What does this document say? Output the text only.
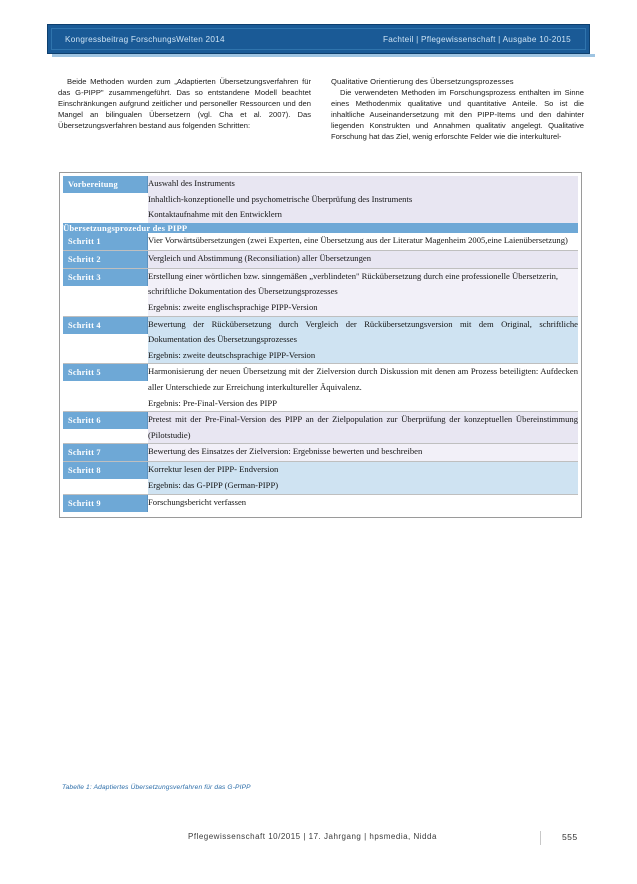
Kongressbeitrag ForschungsWelten 2014	Fachteil | Pflegewissenschaft | Ausgabe 10-2015

Beide Methoden wurden zum „Adaptierten Übersetzungsverfahren für das G-PIPP" zusammengeführt. Das so entstandene Modell beachtet Einschränkungen aufgrund zeitlicher und personeller Ressourcen und den Mangel an bilingualen Übersetzern (vgl. Cha et al. 2007). Das Übersetzungsverfahren bestand aus folgenden Schritten:

Qualitative Orientierung des Übersetzungsprozesses

Die verwendeten Methoden im Forschungsprozess enthalten im Sinne eines Methodenmix qualitative und quantitative Anteile. So ist die inhaltliche Auseinandersetzung mit den PIPP-Items und den dahinter liegenden Konstrukten und Annahmen qualitativ angelegt. Qualitative Forschung hat das Ziel, wenig erforschte Felder wie die interkulturel-

Vorbereitung	Auswahl des Instruments
Inhaltlich-konzeptionelle und psychometrische Überprüfung des Instruments
Kontaktaufnahme mit den Entwicklern

Übersetzungsprozedur des PIPP	

Schritt 1	Vier Vorwärtsübersetzungen (zwei Experten, eine Übersetzung aus der Literatur Magenheim 2005,eine Laienübersetzung)

Schritt 2	Vergleich und Abstimmung (Reconsiliation) aller Übersetzungen

Schritt 3	Erstellung einer wörtlichen bzw. sinngemäßen „verblindeten" Rückübersetzung durch eine professionelle Übersetzerin,
schriftliche Dokumentation des Übersetzungsprozesses
Ergebnis: zweite englischsprachige PIPP-Version

Schritt 4	Bewertung der Rückübersetzung durch Vergleich der Rückübersetzungsversion mit dem Original, schriftliche Dokumentation des Übersetzungsprozesses
Ergebnis: zweite deutschsprachige PIPP-Version

Schritt 5	Harmonisierung der neuen Übersetzung mit der Zielversion durch Diskussion mit denen am Prozess beteiligten: Aufdecken aller Unterschiede zur Erreichung interkultureller Äquivalenz.
Ergebnis: Pre-Final-Version des PIPP

Schritt 6	Pretest mit der Pre-Final-Version des PIPP an der Zielpopulation zur Überprüfung der konzeptuellen Übereinstimmung (Pilotstudie)

Schritt 7	Bewertung des Einsatzes der Zielversion: Ergebnisse bewerten und beschreiben

Schritt 8	Korrektur lesen der PIPP- Endversion
Ergebnis: das G-PIPP (German-PIPP)

Schritt 9	Forschungsbericht verfassen
Tabelle 1: Adaptiertes Übersetzungsverfahren für das G-PIPP
Pflegewissenschaft 10/2015 | 17. Jahrgang | hpsmedia, Nidda	555
